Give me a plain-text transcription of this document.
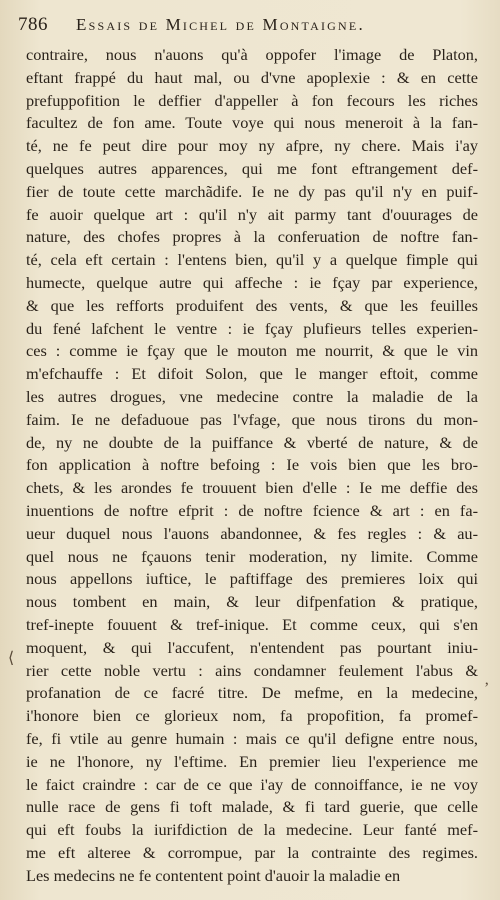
786 Essais de Michel de Montaigne.
contraire, nous n'auons qu'à oppofer l'image de Platon,
eftant frappé du haut mal, ou d'vne apoplexie : & en cette
prefuppofition le deffier d'appeller à fon fecours les riches
facultez de fon ame. Toute voye qui nous meneroit à la fan-
té, ne fe peut dire pour moy ny afpre, ny chere. Mais i'ay
quelques autres apparences, qui me font eftrangement def-
fier de toute cette marchãdife. Ie ne dy pas qu'il n'y en puif-
fe auoir quelque art : qu'il n'y ait parmy tant d'ouurages de
nature, des chofes propres à la conferuation de noftre fan-
té, cela eft certain : l'entens bien, qu'il y a quelque fimple qui
humecte, quelque autre qui affeche : ie fçay par experience,
& que les refforts produifent des vents, & que les feuilles
du fené lafchent le ventre : ie fçay plufieurs telles experien-
ces : comme ie fçay que le mouton me nourrit, & que le vin
m'efchauffe : Et difoit Solon, que le manger eftoit, comme
les autres drogues, vne medecine contre la maladie de la
faim. Ie ne defaduoue pas l'vfage, que nous tirons du mon-
de, ny ne doubte de la puiffance & vberté de nature, & de
fon application à noftre befoing : Ie vois bien que les bro-
chets, & les arondes fe trouuent bien d'elle : Ie me deffie des
inuentions de noftre efprit : de noftre fcience & art : en fa-
ueur duquel nous l'auons abandonnee, & fes regles : & au-
quel nous ne fçauons tenir moderation, ny limite. Comme
nous appellons iuftice, le paftiffage des premieres loix qui
nous tombent en main, & leur difpenfation & pratique,
tref-inepte fouuent & tref-inique. Et comme ceux, qui s'en
moquent, & qui l'accufent, n'entendent pas pourtant iniu-
rier cette noble vertu : ains condamner feulement l'abus &
profanation de ce facré titre. De mefme, en la medecine,
i'honore bien ce glorieux nom, fa propofition, fa promef-
fe, fi vtile au genre humain : mais ce qu'il defigne entre nous,
ie ne l'honore, ny l'eftime. En premier lieu l'experience me
le faict craindre : car de ce que i'ay de connoiffance, ie ne voy
nulle race de gens fi toft malade, & fi tard guerie, que celle
qui eft foubs la iurifdiction de la medecine. Leur fanté mef-
me eft alteree & corrompue, par la contrainte des regimes.
Les medecins ne fe contentent point d'auoir la maladie en
⟨
ʼ
